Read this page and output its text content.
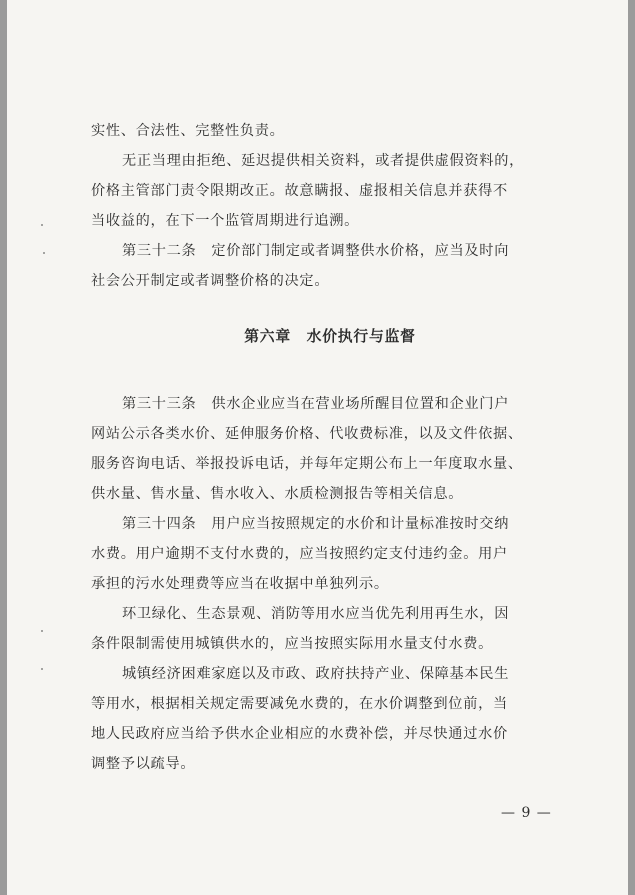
实性、合法性、完整性负责。
无正当理由拒绝、延迟提供相关资料，或者提供虚假资料的，
价格主管部门责令限期改正。故意瞒报、虚报相关信息并获得不
当收益的，在下一个监管周期进行追溯。
第三十二条　定价部门制定或者调整供水价格，应当及时向
社会公开制定或者调整价格的决定。
第六章　水价执行与监督
第三十三条　供水企业应当在营业场所醒目位置和企业门户
网站公示各类水价、延伸服务价格、代收费标准，以及文件依据、
服务咨询电话、举报投诉电话，并每年定期公布上一年度取水量、
供水量、售水量、售水收入、水质检测报告等相关信息。
第三十四条　用户应当按照规定的水价和计量标准按时交纳
水费。用户逾期不支付水费的，应当按照约定支付违约金。用户
承担的污水处理费等应当在收据中单独列示。
环卫绿化、生态景观、消防等用水应当优先利用再生水，因
条件限制需使用城镇供水的，应当按照实际用水量支付水费。
城镇经济困难家庭以及市政、政府扶持产业、保障基本民生
等用水，根据相关规定需要减免水费的，在水价调整到位前，当
地人民政府应当给予供水企业相应的水费补偿，并尽快通过水价
调整予以疏导。
— 9 —
